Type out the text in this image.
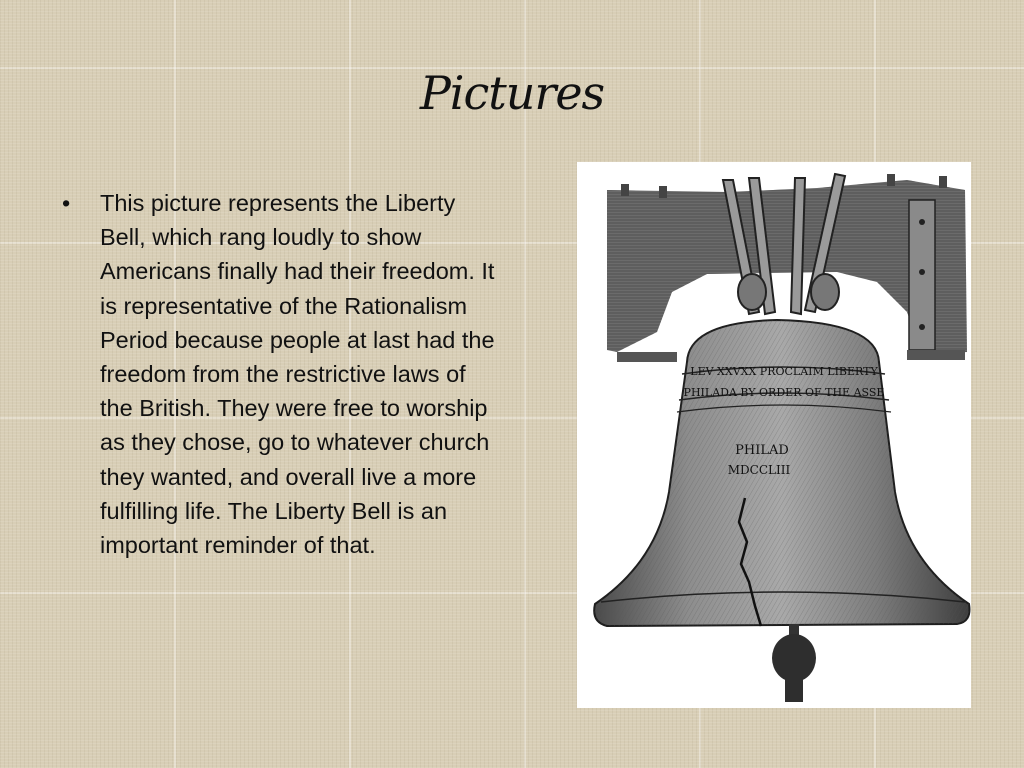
Pictures
• This picture represents the Liberty Bell, which rang loudly to show Americans finally had their freedom. It is representative of the Rationalism Period because people at last had the freedom from the restrictive laws of the British. They were free to worship as they chose, go to whatever church they wanted, and overall live a more fulfilling life. The Liberty Bell is an important reminder of that.
LEV XXVXX PROCLAIM LIBERTY
PHILADA BY ORDER OF THE ASSE
PHILAD
MDCCLIII
